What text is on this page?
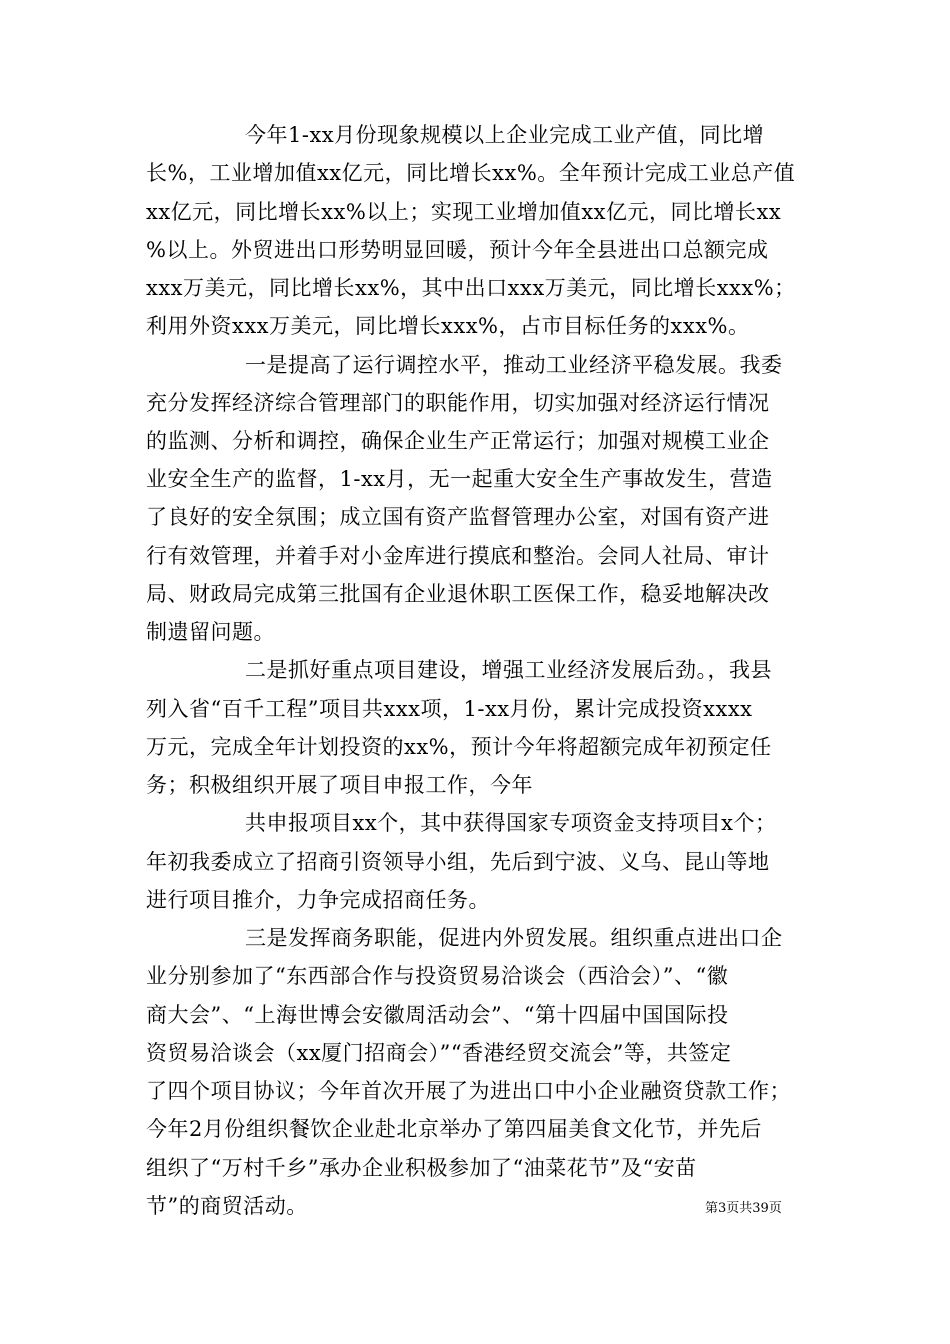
今年1-xx月份现象规模以上企业完成工业产值，同比增
长%，工业增加值xx亿元，同比增长xx%。全年预计完成工业总产值
xx亿元，同比增长xx%以上；实现工业增加值xx亿元，同比增长xx
%以上。外贸进出口形势明显回暖，预计今年全县进出口总额完成
xxx万美元，同比增长xx%，其中出口xxx万美元，同比增长xxx%；
利用外资xxx万美元，同比增长xxx%，占市目标任务的xxx%。
一是提高了运行调控水平，推动工业经济平稳发展。我委
充分发挥经济综合管理部门的职能作用，切实加强对经济运行情况
的监测、分析和调控，确保企业生产正常运行；加强对规模工业企
业安全生产的监督，1-xx月，无一起重大安全生产事故发生，营造
了良好的安全氛围；成立国有资产监督管理办公室，对国有资产进
行有效管理，并着手对小金库进行摸底和整治。会同人社局、审计
局、财政局完成第三批国有企业退休职工医保工作，稳妥地解决改
制遗留问题。
二是抓好重点项目建设，增强工业经济发展后劲。，我县
列入省“百千工程”项目共xxx项，1-xx月份，累计完成投资xxxx
万元，完成全年计划投资的xx%，预计今年将超额完成年初预定任
务；积极组织开展了项目申报工作，今年
共申报项目xx个，其中获得国家专项资金支持项目x个；
年初我委成立了招商引资领导小组，先后到宁波、义乌、昆山等地
进行项目推介，力争完成招商任务。
三是发挥商务职能，促进内外贸发展。组织重点进出口企
业分别参加了“东西部合作与投资贸易洽谈会（西洽会）”、“徽
商大会”、“上海世博会安徽周活动会”、“第十四届中国国际投
资贸易洽谈会（xx厦门招商会）”“香港经贸交流会”等，共签定
了四个项目协议；今年首次开展了为进出口中小企业融资贷款工作；
今年2月份组织餐饮企业赴北京举办了第四届美食文化节，并先后
组织了“万村千乡”承办企业积极参加了“油菜花节”及“安苗
节”的商贸活动。	第3页共39页
